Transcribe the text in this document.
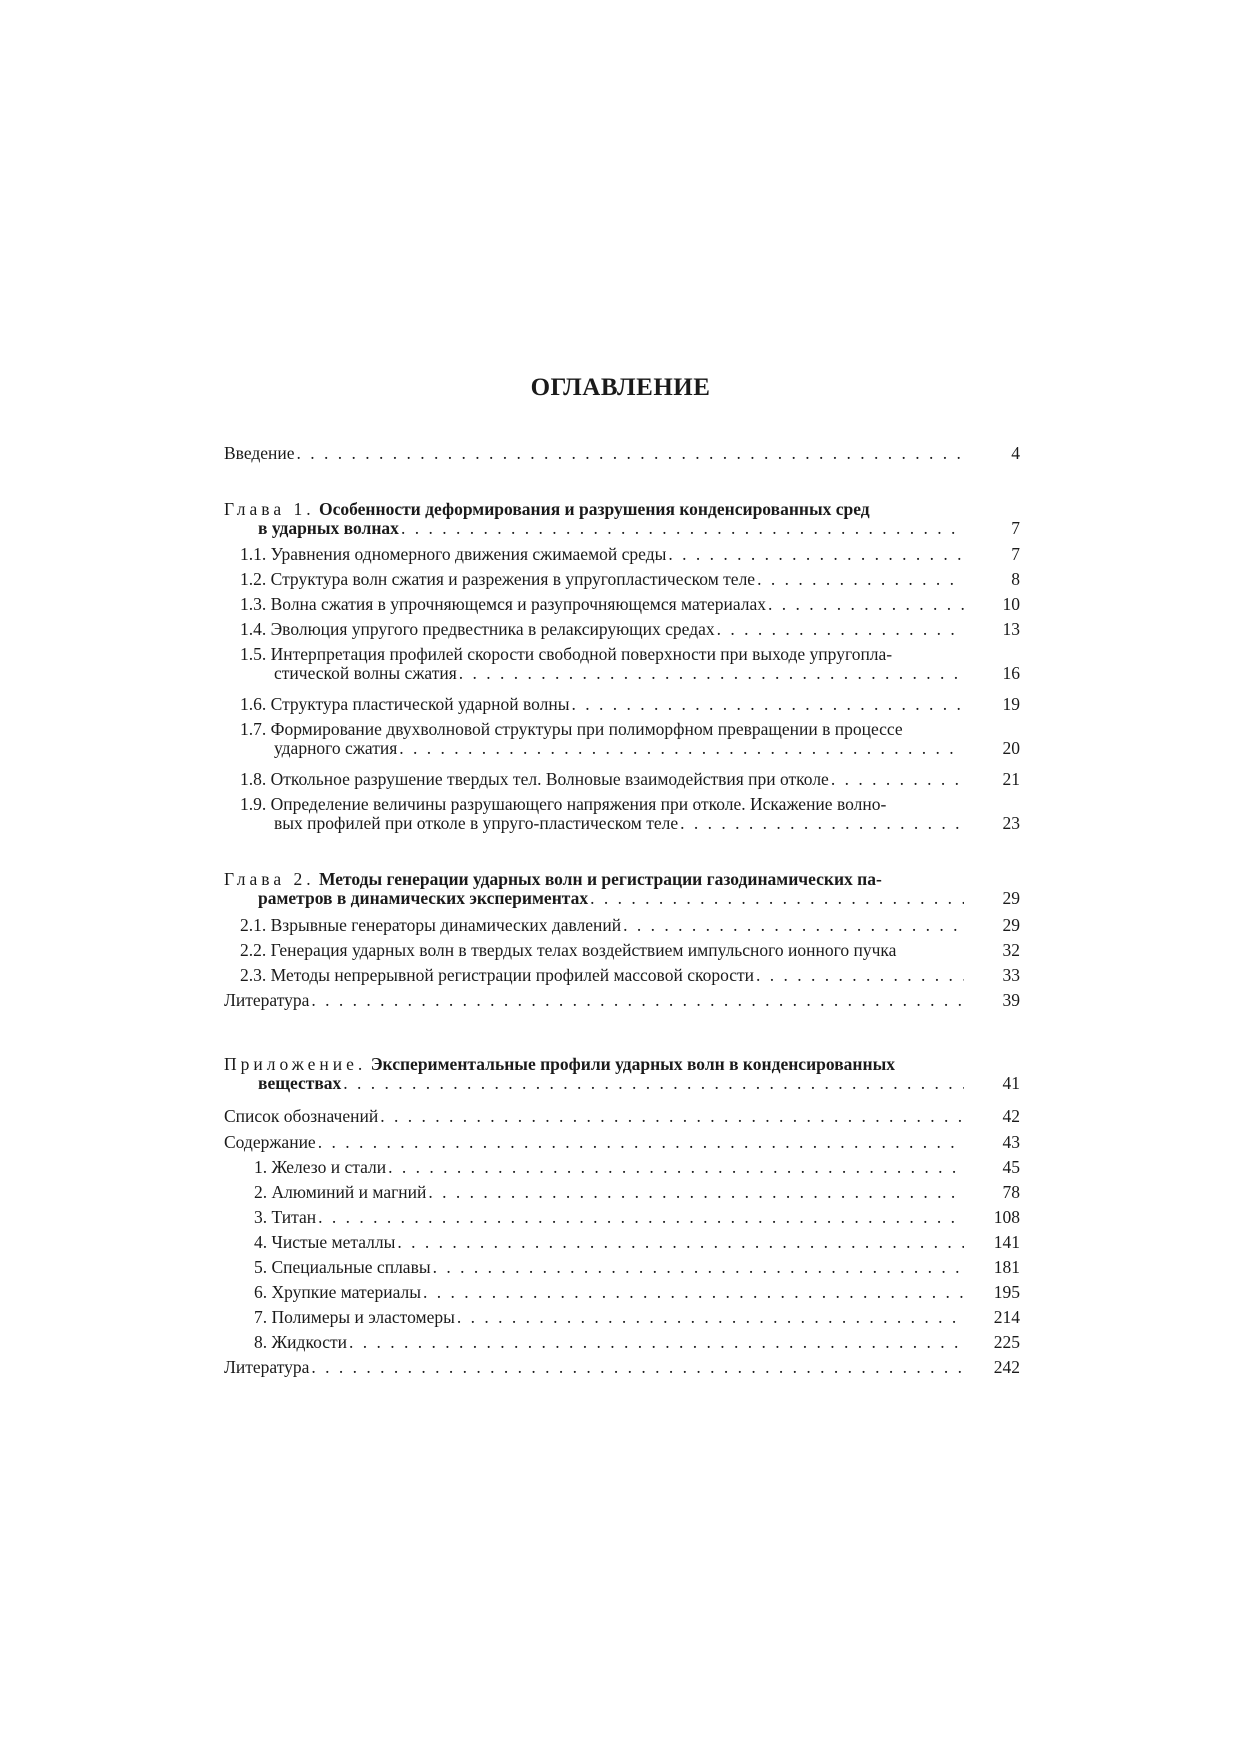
ОГЛАВЛЕНИЕ
Введение . . .	4
Глава 1. Особенности деформирования и разрушения конденсированных сред
в ударных волнах . . .	7
1.1. Уравнения одномерного движения сжимаемой среды . . .	7
1.2. Структура волн сжатия и разрежения в упругопластическом теле . . .	8
1.3. Волна сжатия в упрочняющемся и разупрочняющемся материалах . . .	10
1.4. Эволюция упругого предвестника в релаксирующих средах . . .	13
1.5. Интерпретация профилей скорости свободной поверхности при выходе упругопла-
стической волны сжатия . . .	16
1.6. Структура пластической ударной волны . . .	19
1.7. Формирование двухволновой структуры при полиморфном превращении в процессе
ударного сжатия . . .	20
1.8. Откольное разрушение твердых тел. Волновые взаимодействия при отколе . . .	21
1.9. Определение величины разрушающего напряжения при отколе. Искажение волно-
вых профилей при отколе в упруго-пластическом теле . . .	23
Глава 2. Методы генерации ударных волн и регистрации газодинамических па-
раметров в динамических экспериментах . . .	29
2.1. Взрывные генераторы динамических давлений . . .	29
2.2. Генерация ударных волн в твердых телах воздействием импульсного ионного пучка	32
2.3. Методы непрерывной регистрации профилей массовой скорости . . .	33
Литература . . .	39
Приложение. Экспериментальные профили ударных волн в конденсированных
веществах . . .	41
Список обозначений . . .	42
Содержание . . .	43
1. Железо и стали . . .	45
2. Алюминий и магний . . .	78
3. Титан . . .	108
4. Чистые металлы . . .	141
5. Специальные сплавы . . .	181
6. Хрупкие материалы . . .	195
7. Полимеры и эластомеры . . .	214
8. Жидкости . . .	225
Литература . . .	242
